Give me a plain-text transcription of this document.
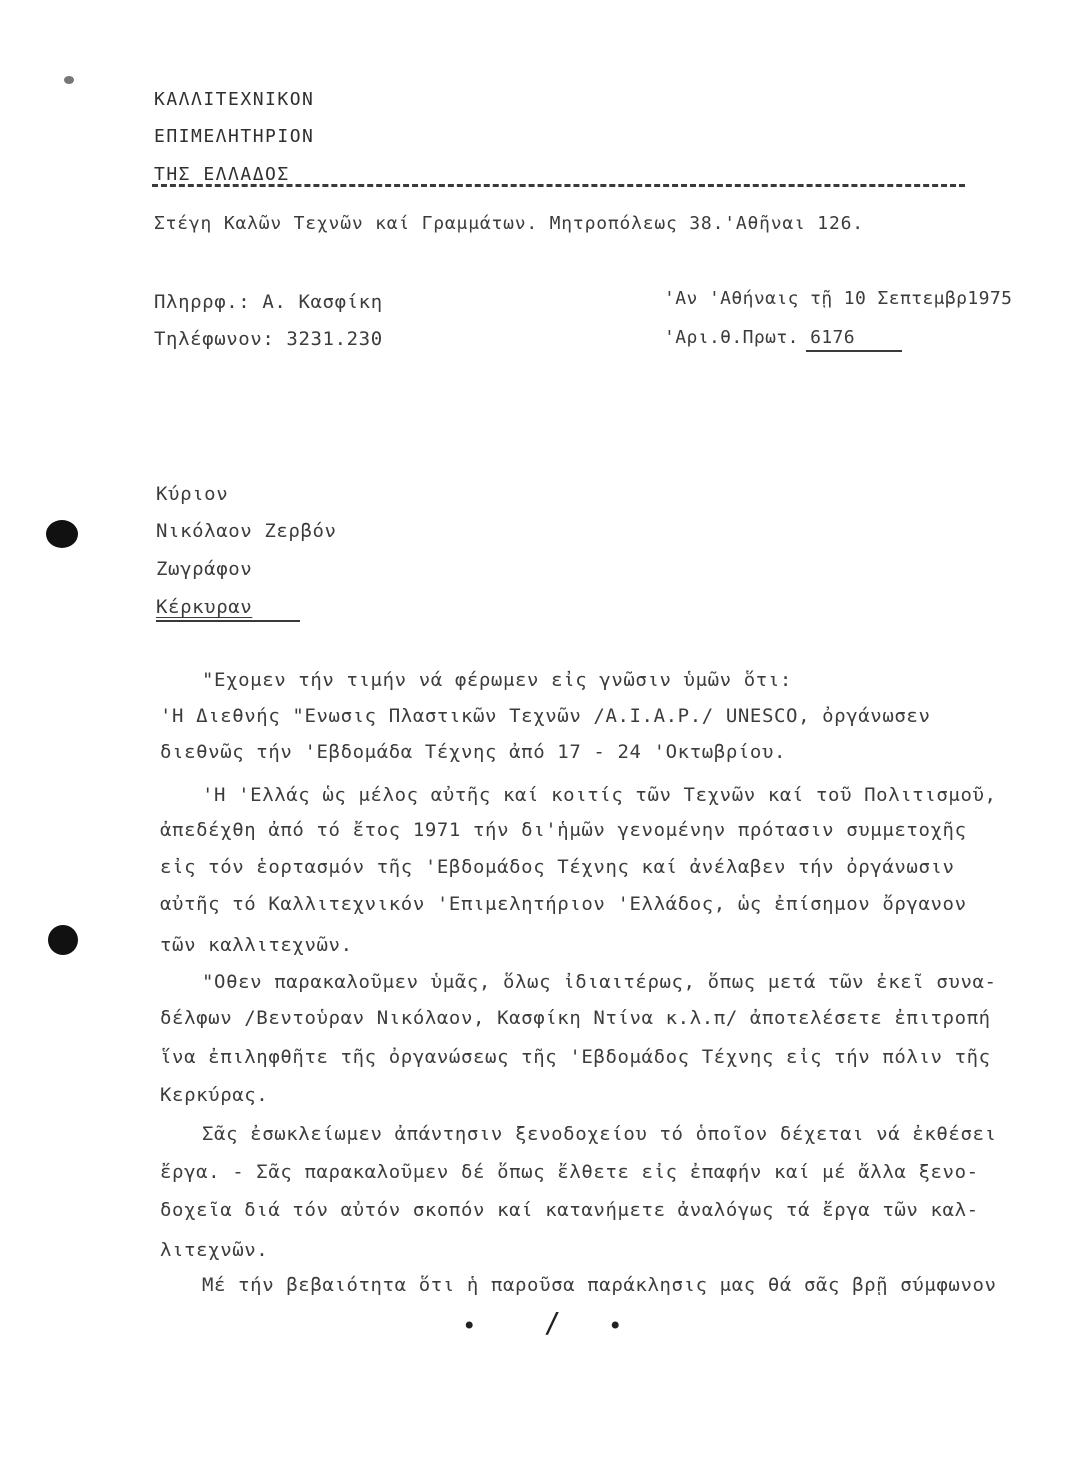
ΚΑΛΛΙΤΕΧΝΙΚΟΝ
ΕΠΙΜΕΛΗΤΗΡΙΟΝ
ΤΗΣ ΕΛΛΑΔΟΣ
Στέγη Καλῶν Τεχνῶν καί Γραμμάτων. Μητροπόλεως 38.'Αθῆναι 126.
Πληρρφ.: Α. Κασφίκη
Τηλέφωνον: 3231.230
'Αν 'Αθήναις τῇ 10 Σεπτεμβρ1975
'Αρι.θ.Πρωτ. 6176
Κύριον
Νικόλαον Ζερβόν
Ζωγράφον
Κέρκυραν
"Εχομεν τήν τιμήν νά φέρωμεν εἰς γνῶσιν ὑμῶν ὅτι:
'Η Διεθνής "Ενωσις Πλαστικῶν Τεχνῶν /Α.Ι.Α.Ρ./ UNESCO, ὀργάνωσεν
διεθνῶς τήν 'Εβδομάδα Τέχνης ἀπό 17 - 24 'Οκτωβρίου.
'Η 'Ελλάς ὡς μέλος αὐτῆς καί κοιτίς τῶν Τεχνῶν καί τοῦ Πολιτισμοῦ,
ἀπεδέχθη ἀπό τό ἔτος 1971 τήν δι'ἡμῶν γενομένην πρότασιν συμμετοχῆς
εἰς τόν ἑορτασμόν τῆς 'Εβδομάδος Τέχνης καί ἀνέλαβεν τήν ὀργάνωσιν
αὐτῆς τό Καλλιτεχνικόν 'Επιμελητήριον 'Ελλάδος, ὡς ἐπίσημον ὄργανον
τῶν καλλιτεχνῶν.
"Οθεν παρακαλοῦμεν ὑμᾶς, ὅλως ἰδιαιτέρως, ὅπως μετά τῶν ἐκεῖ συνα-
δέλφων /Βεντοὑραν Νικόλαον, Κασφίκη Ντίνα κ.λ.π/ ἀποτελέσετε ἐπιτροπή
ἵνα ἐπιληφθῆτε τῆς ὀργανώσεως τῆς 'Εβδομάδος Τέχνης εἰς τήν πόλιν τῆς
Κερκύρας.
Σᾶς ἐσωκλείωμεν ἀπάντησιν ξενοδοχείου τό ὁποῖον δέχεται νά ἐκθέσει
ἔργα. - Σᾶς παρακαλοῦμεν δέ ὅπως ἔλθετε εἰς ἐπαφήν καί μέ ἄλλα ξενο-
δοχεῖα διά τόν αὐτόν σκοπόν καί κατανήμετε ἀναλόγως τά ἔργα τῶν καλ-
λιτεχνῶν.
Μέ τήν βεβαιότητα ὅτι ἡ παροῦσα παράκλησις μας θά σᾶς βρῇ σύμφωνον
• / •
